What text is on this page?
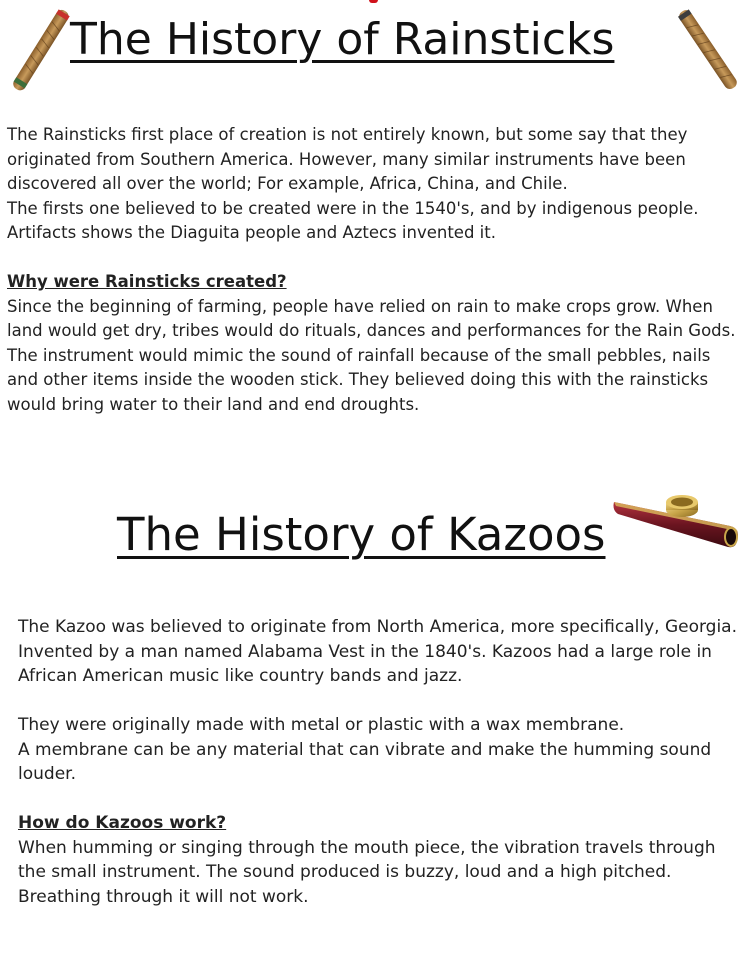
The History of Rainsticks

The Rainsticks first place of creation is not entirely known, but some say that they originated from Southern America. However, many similar instruments have been discovered all over the world; For example, Africa, China, and Chile.

The firsts one believed to be created were in the 1540's, and by indigenous people. Artifacts shows the Diaguita people and Aztecs invented it.

Why were Rainsticks created?

Since the beginning of farming, people have relied on rain to make crops grow. When land would get dry, tribes would do rituals, dances and performances for the Rain Gods. The instrument would mimic the sound of rainfall because of the small pebbles, nails and other items inside the wooden stick. They believed doing this with the rainsticks would bring water to their land and end droughts.

The History of Kazoos

The Kazoo was believed to originate from North America, more specifically, Georgia. Invented by a man named Alabama Vest in the 1840's. Kazoos had a large role in African American music like country bands and jazz.

They were originally made with metal or plastic with a wax membrane.

A membrane can be any material that can vibrate and make the humming sound louder.

How do Kazoos work?

When humming or singing through the mouth piece, the vibration travels through the small instrument. The sound produced is buzzy, loud and a high pitched. Breathing through it will not work.
